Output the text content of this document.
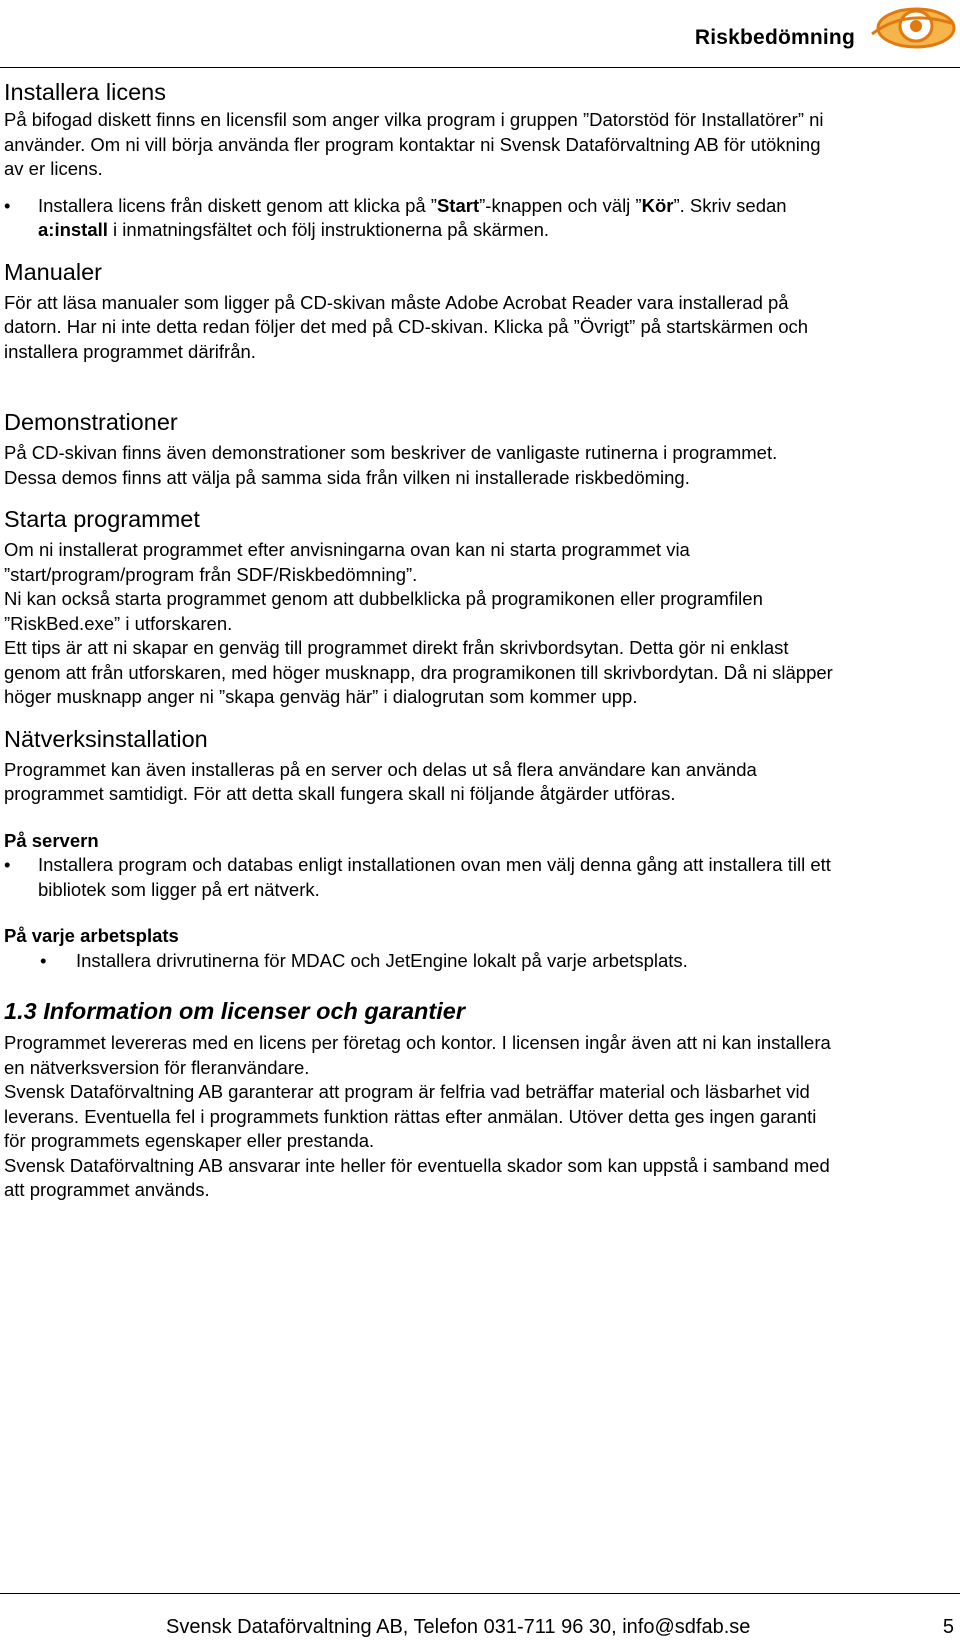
Riskbedömning
Installera licens

På bifogad diskett finns en licensfil som anger vilka program i gruppen ”Datorstöd för Installatörer” ni
använder. Om ni vill börja använda fler program kontaktar ni Svensk Dataförvaltning AB för utökning
av er licens.

• Installera licens från diskett genom att klicka på ”Start”-knappen och välj ”Kör”. Skriv sedan
a:install i inmatningsfältet och följ instruktionerna på skärmen.
Manualer

För att läsa manualer som ligger på CD-skivan måste Adobe Acrobat Reader vara installerad på
datorn. Har ni inte detta redan följer det med på CD-skivan. Klicka på ”Övrigt” på startskärmen och
installera programmet därifrån.

Demonstrationer

På CD-skivan finns även demonstrationer som beskriver de vanligaste rutinerna i programmet.
Dessa demos finns att välja på samma sida från vilken ni installerade riskbedöming.

Starta programmet

Om ni installerat programmet efter anvisningarna ovan kan ni starta programmet via
”start/program/program från SDF/Riskbedömning”.
Ni kan också starta programmet genom att dubbelklicka på programikonen eller programfilen
”RiskBed.exe” i utforskaren.
Ett tips är att ni skapar en genväg till programmet direkt från skrivbordsytan. Detta gör ni enklast
genom att från utforskaren, med höger musknapp, dra programikonen till skrivbordytan. Då ni släpper
höger musknapp anger ni ”skapa genväg här” i dialogrutan som kommer upp.

Nätverksinstallation

Programmet kan även installeras på en server och delas ut så flera användare kan använda
programmet samtidigt. För att detta skall fungera skall ni följande åtgärder utföras.

På servern

• Installera program och databas enligt installationen ovan men välj denna gång att installera till ett
bibliotek som ligger på ert nätverk.

På varje arbetsplats

• Installera drivrutinerna för MDAC och JetEngine lokalt på varje arbetsplats.
1.3 Information om licenser och garantier

Programmet levereras med en licens per företag och kontor. I licensen ingår även att ni kan installera
en nätverksversion för fleranvändare.
Svensk Dataförvaltning AB garanterar att program är felfria vad beträffar material och läsbarhet vid
leverans. Eventuella fel i programmets funktion rättas efter anmälan. Utöver detta ges ingen garanti
för programmets egenskaper eller prestanda.
Svensk Dataförvaltning AB ansvarar inte heller för eventuella skador som kan uppstå i samband med
att programmet används.

Svensk Dataförvaltning AB, Telefon 031-711 96 30, info@sdfab.se	5
